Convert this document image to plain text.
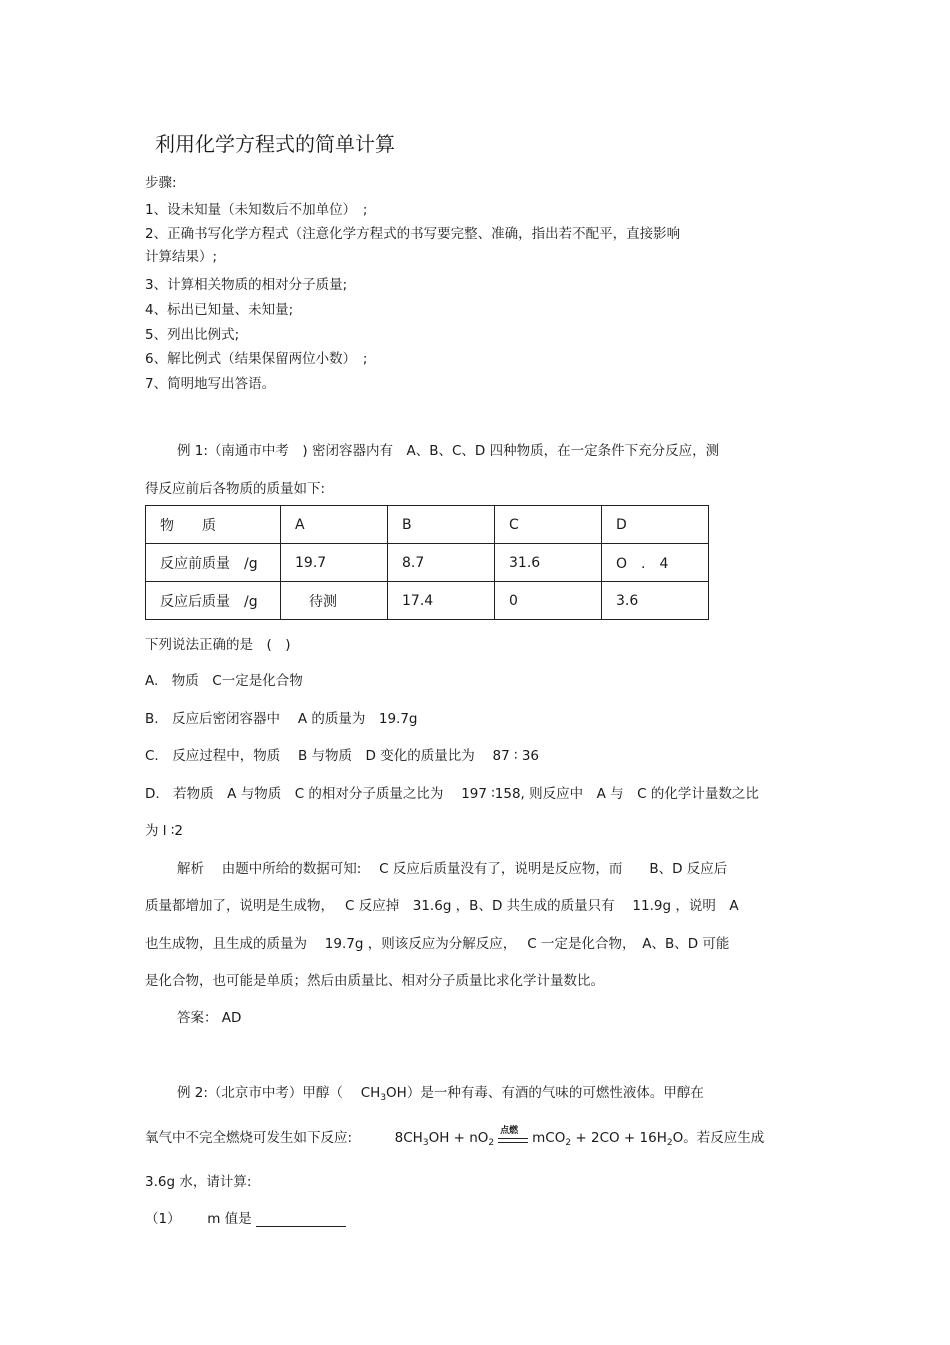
利用化学方程式的简单计算
步骤:
1、设未知量（未知数后不加单位）　;
2、正确书写化学方程式（注意化学方程式的书写要完整、准确，指出若不配平，直接影响
计算结果）;
3、计算相关物质的相对分子质量;
4、标出已知量、未知量;
5、列出比例式;
6、解比例式（结果保留两位小数）　;
7、简明地写出答语。
例 1:（南通市中考　) 密闭容器内有　A、B、C、D 四种物质，在一定条件下充分反应，测
得反应前后各物质的质量如下:
物　　质	A	B	C	D
反应前质量　/g	19.7	8.7	31.6	O　.　4
反应后质量　/g	　待测	17.4	0	3.6
下列说法正确的是　(　)
A.　物质　C一定是化合物
B.　反应后密闭容器中　 A 的质量为　19.7g
C.　反应过程中，物质　 B 与物质　D 变化的质量比为　 87 ∶ 36
D.　若物质　A 与物质　C 的相对分子质量之比为　 197 ∶158, 则反应中　A 与　C 的化学计量数之比
为 l ∶2
解析　 由题中所给的数据可知:　 C 反应后质量没有了，说明是反应物，而　　B、D 反应后
质量都增加了，说明是生成物，　 C 反应掉　31.6g ，B、D 共生成的质量只有　 11.9g ，说明　A
也生成物，且生成的质量为　 19.7g ，则该反应为分解反应，　 C 一定是化合物，　A、B、D 可能
是化合物，也可能是单质；然后由质量比、相对分子质量比求化学计量数比。
答案： AD
例 2:（北京市中考）甲醇（　 $CH_3OH$）是一种有毒、有酒的气味的可燃性液体。甲醇在
氧气中不完全燃烧可发生如下反应:	$8CH_3OH + nO_2$
点燃 $mCO_2 + 2CO + 16H_2O$。若反应生成
3.6g 水，请计算:
（1） m 值是
